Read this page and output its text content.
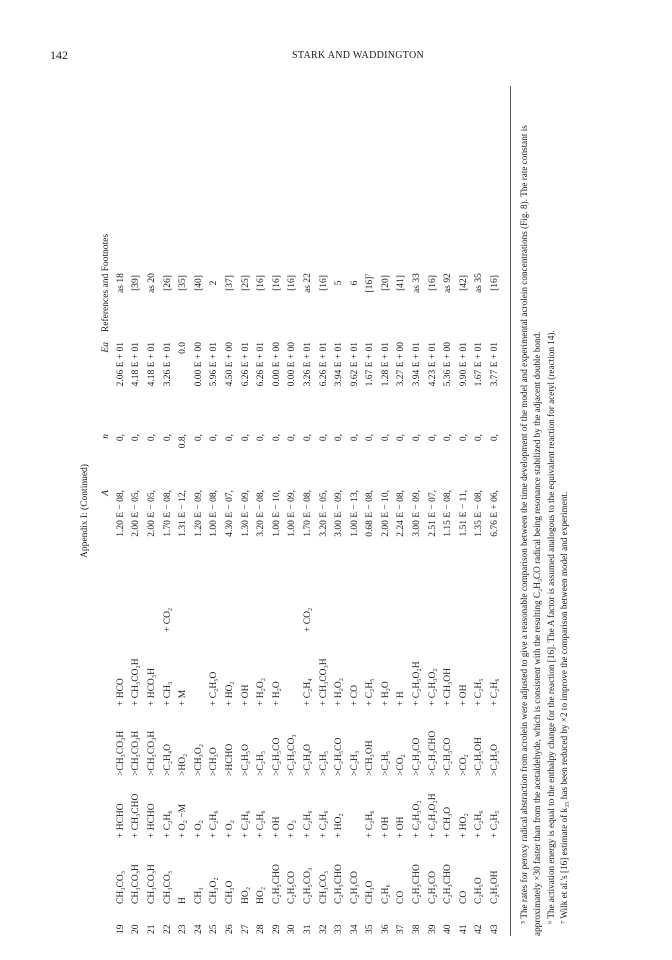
142	STARK AND WADDINGTON
Appendix I: (Continued)
						A	n	Ea	References and Footnotes
19	CH₃CO₃	+ HCHO	>CH₃CO₃H	+ HCO		1.20 E − 08,	0,	2.06 E + 01	as 18
20	CH₃CO₃H	+ CH₃CHO	>CH₃CO₃H	+ CH₃CO₂H		2.00 E − 05,	0,	4.18 E + 01	[39]
21	CH₃CO₃H	+ HCHO	>CH₃CO₃H	+ HCO₃H		2.00 E − 05,	0,	4.18 E + 01	as 20
22	CH₃CO₃	+ C₂H₆	>C₂H₄O	+ CH₃	+ CO₂	1.70 E − 08,	0,	3.26 E + 01	[26]
23	H	+ O₂ −M	>HO₂	+ M		1.31 E − 12,	0.8,	0.0	[35]
24	CH₃	+ O₂	>CH₃O₂			1.20 E − 09,	0,	0.00 E + 00	[40]
25	CH₃O₂	+ C₂H₆	>CH₃O	+ C₂H₅O		1.00 E − 08,	0,	5.96 E + 01	2
26	CH₃O	+ O₂	>HCHO	+ HO₂		4.30 E − 07,	0,	4.50 E + 00	[37]
27	HO₂	+ C₂H₆	>C₂H₅O	+ OH		1.30 E − 09,	0,	6.26 E + 01	[25]
28	HO₂	+ C₂H₆	>C₂H₅	+ H₂O₂		3.20 E − 08,	0,	6.26 E + 01	[16]
29	C₂H₅CHO	+ OH	>C₂H₅CO	+ H₂O		1.00 E − 10,	0,	0.00 E + 00	[16]
30	C₂H₅CO	+ O₂	>C₂H₅CO₃			1.00 E − 09,	0,	0.00 E + 00	[16]
31	C₂H₅CO₃	+ C₂H₆	>C₂H₄O	+ C₂H₄	+ CO₂	1.70 E − 08,	0,	3.26 E + 01	as 22
32	CH₃CO₃	+ C₂H₆	>C₂H₅	+ CH₃CO₃H		3.20 E − 05,	0,	6.26 E + 01	[16]
33	C₂H₅CHO	+ HO₂	>C₂H₅CO	+ H₂O₂		3.00 E − 09,	0,	3.94 E + 01	5
34	C₂H₃CO		>C₂H₃	+ CO		1.00 E − 13,	0,	9.62 E + 01	6
35	CH₃O	+ C₂H₆	>CH₃OH	+ C₂H₅		0.68 E − 08,	0,	1.67 E + 01	[16]⁷
36	C₂H₆	+ OH	>C₂H₅	+ H₂O		2.00 E − 10,	0,	1.28 E + 01	[20]
37	CO	+ OH	>CO₂	+ H		2.24 E − 08,	0,	3.27 E + 00	[41]
38	C₂H₃CHO	+ C₂H₅O₂	>C₂H₃CO	+ C₂H₅O₂H		3.00 E − 09,	0,	3.94 E + 01	as 33
39	C₂H₃CO	+ C₂H₃O₂H	>C₂H₃CHO	+ C₂H₃O₂		2.51 E − 07,	0,	4.23 E + 01	[16]
40	C₂H₃CHO	+ CH₃O	>C₂H₃CO	+ CH₃OH		1.15 E − 08,	0,	5.36 E + 00	as 92
41	CO	+ HO₂	>CO₂	+ OH		1.51 E − 11,	0,	9.90 E + 01	[42]
42	C₂H₅O	+ C₂H₆	>C₂H₅OH	+ C₂H₅		1.35 E − 08,	0,	1.67 E + 01	as 35
43	C₂H₅OH	+ C₂H₅	>C₂H₅O	+ C₂H₆		6.76 E + 06,	0,	3.77 E + 01	[16] ⁵ The rates for peroxy radical abstraction from acrolein were adjusted to give a reasonable comparison between the time development of the model and experimental acrolein concentrations (Fig. 8). The rate constant is approximately ×30 faster than from the acetaldehyde, which is consistent with the resulting C₂H₃CO radical being resonance stabilized by the adjacent double bond. ⁶ The activation energy is equal to the enthalpy change for the reaction [16]. The A factor is assumed analogous to the equivalent reaction for acetyl (reaction 14). ⁷ Wilk et al.'s [16] estimate of k₃₅ has been reduced by ×2 to improve the comparison between model and experiment.
